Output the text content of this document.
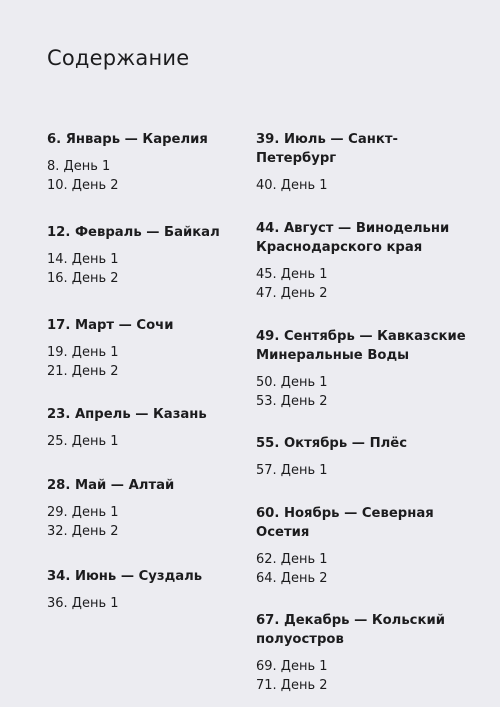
Содержание
6. Январь — Карелия
8. День 1
10. День 2
12. Февраль — Байкал
14. День 1
16. День 2
17. Март — Сочи
19. День 1
21. День 2
23. Апрель — Казань
25. День 1
28. Май — Алтай
29. День 1
32. День 2
34. Июнь — Суздаль
36. День 1
39. Июль — Санкт-Петербург
40. День 1
44. Август — Винодельни Краснодарского края
45. День 1
47. День 2
49. Сентябрь — Кавказские Минеральные Воды
50. День 1
53. День 2
55. Октябрь — Плёс
57. День 1
60. Ноябрь — Северная Осетия
62. День 1
64. День 2
67. Декабрь — Кольский полуостров
69. День 1
71. День 2
